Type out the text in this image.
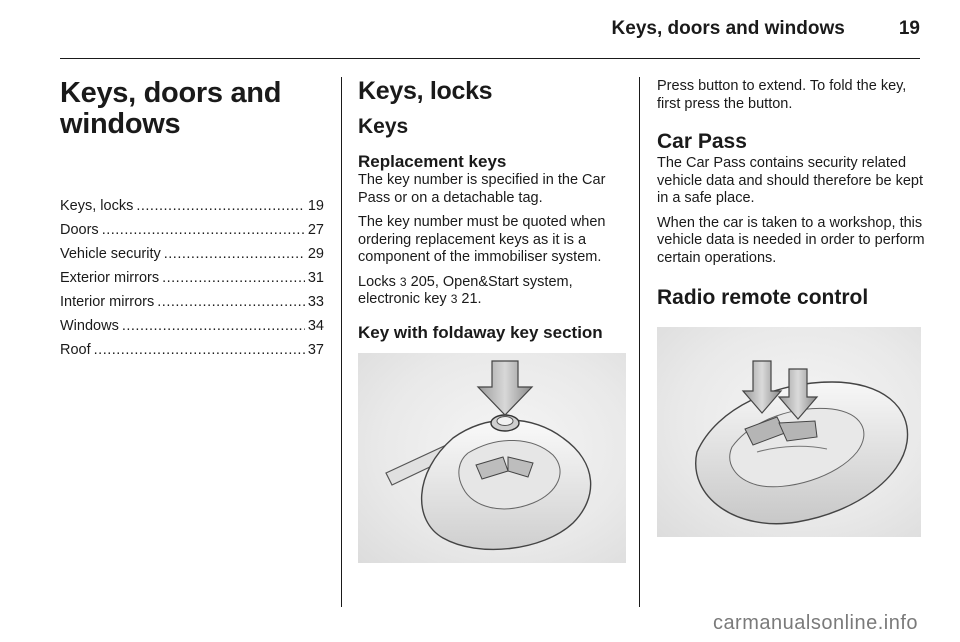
Keys, doors and windows	19
Keys, doors and
windows
Keys, locks .....	19
Doors .....	27
Vehicle security .....	29
Exterior mirrors .....	31
Interior mirrors .....	33
Windows .....	34
Roof .....	37
Keys, locks
Keys
Replacement keys

The key number is specified in the Car Pass or on a detachable tag.

The key number must be quoted when ordering replacement keys as it is a component of the immobiliser system.

Locks 3 205, Open&Start system, electronic key 3 21.

Key with foldaway key section

Press button to extend. To fold the key, first press the button.

Car Pass

The Car Pass contains security related vehicle data and should therefore be kept in a safe place.

When the car is taken to a workshop, this vehicle data is needed in order to perform certain operations.

Radio remote control
carmanualsonline.info
